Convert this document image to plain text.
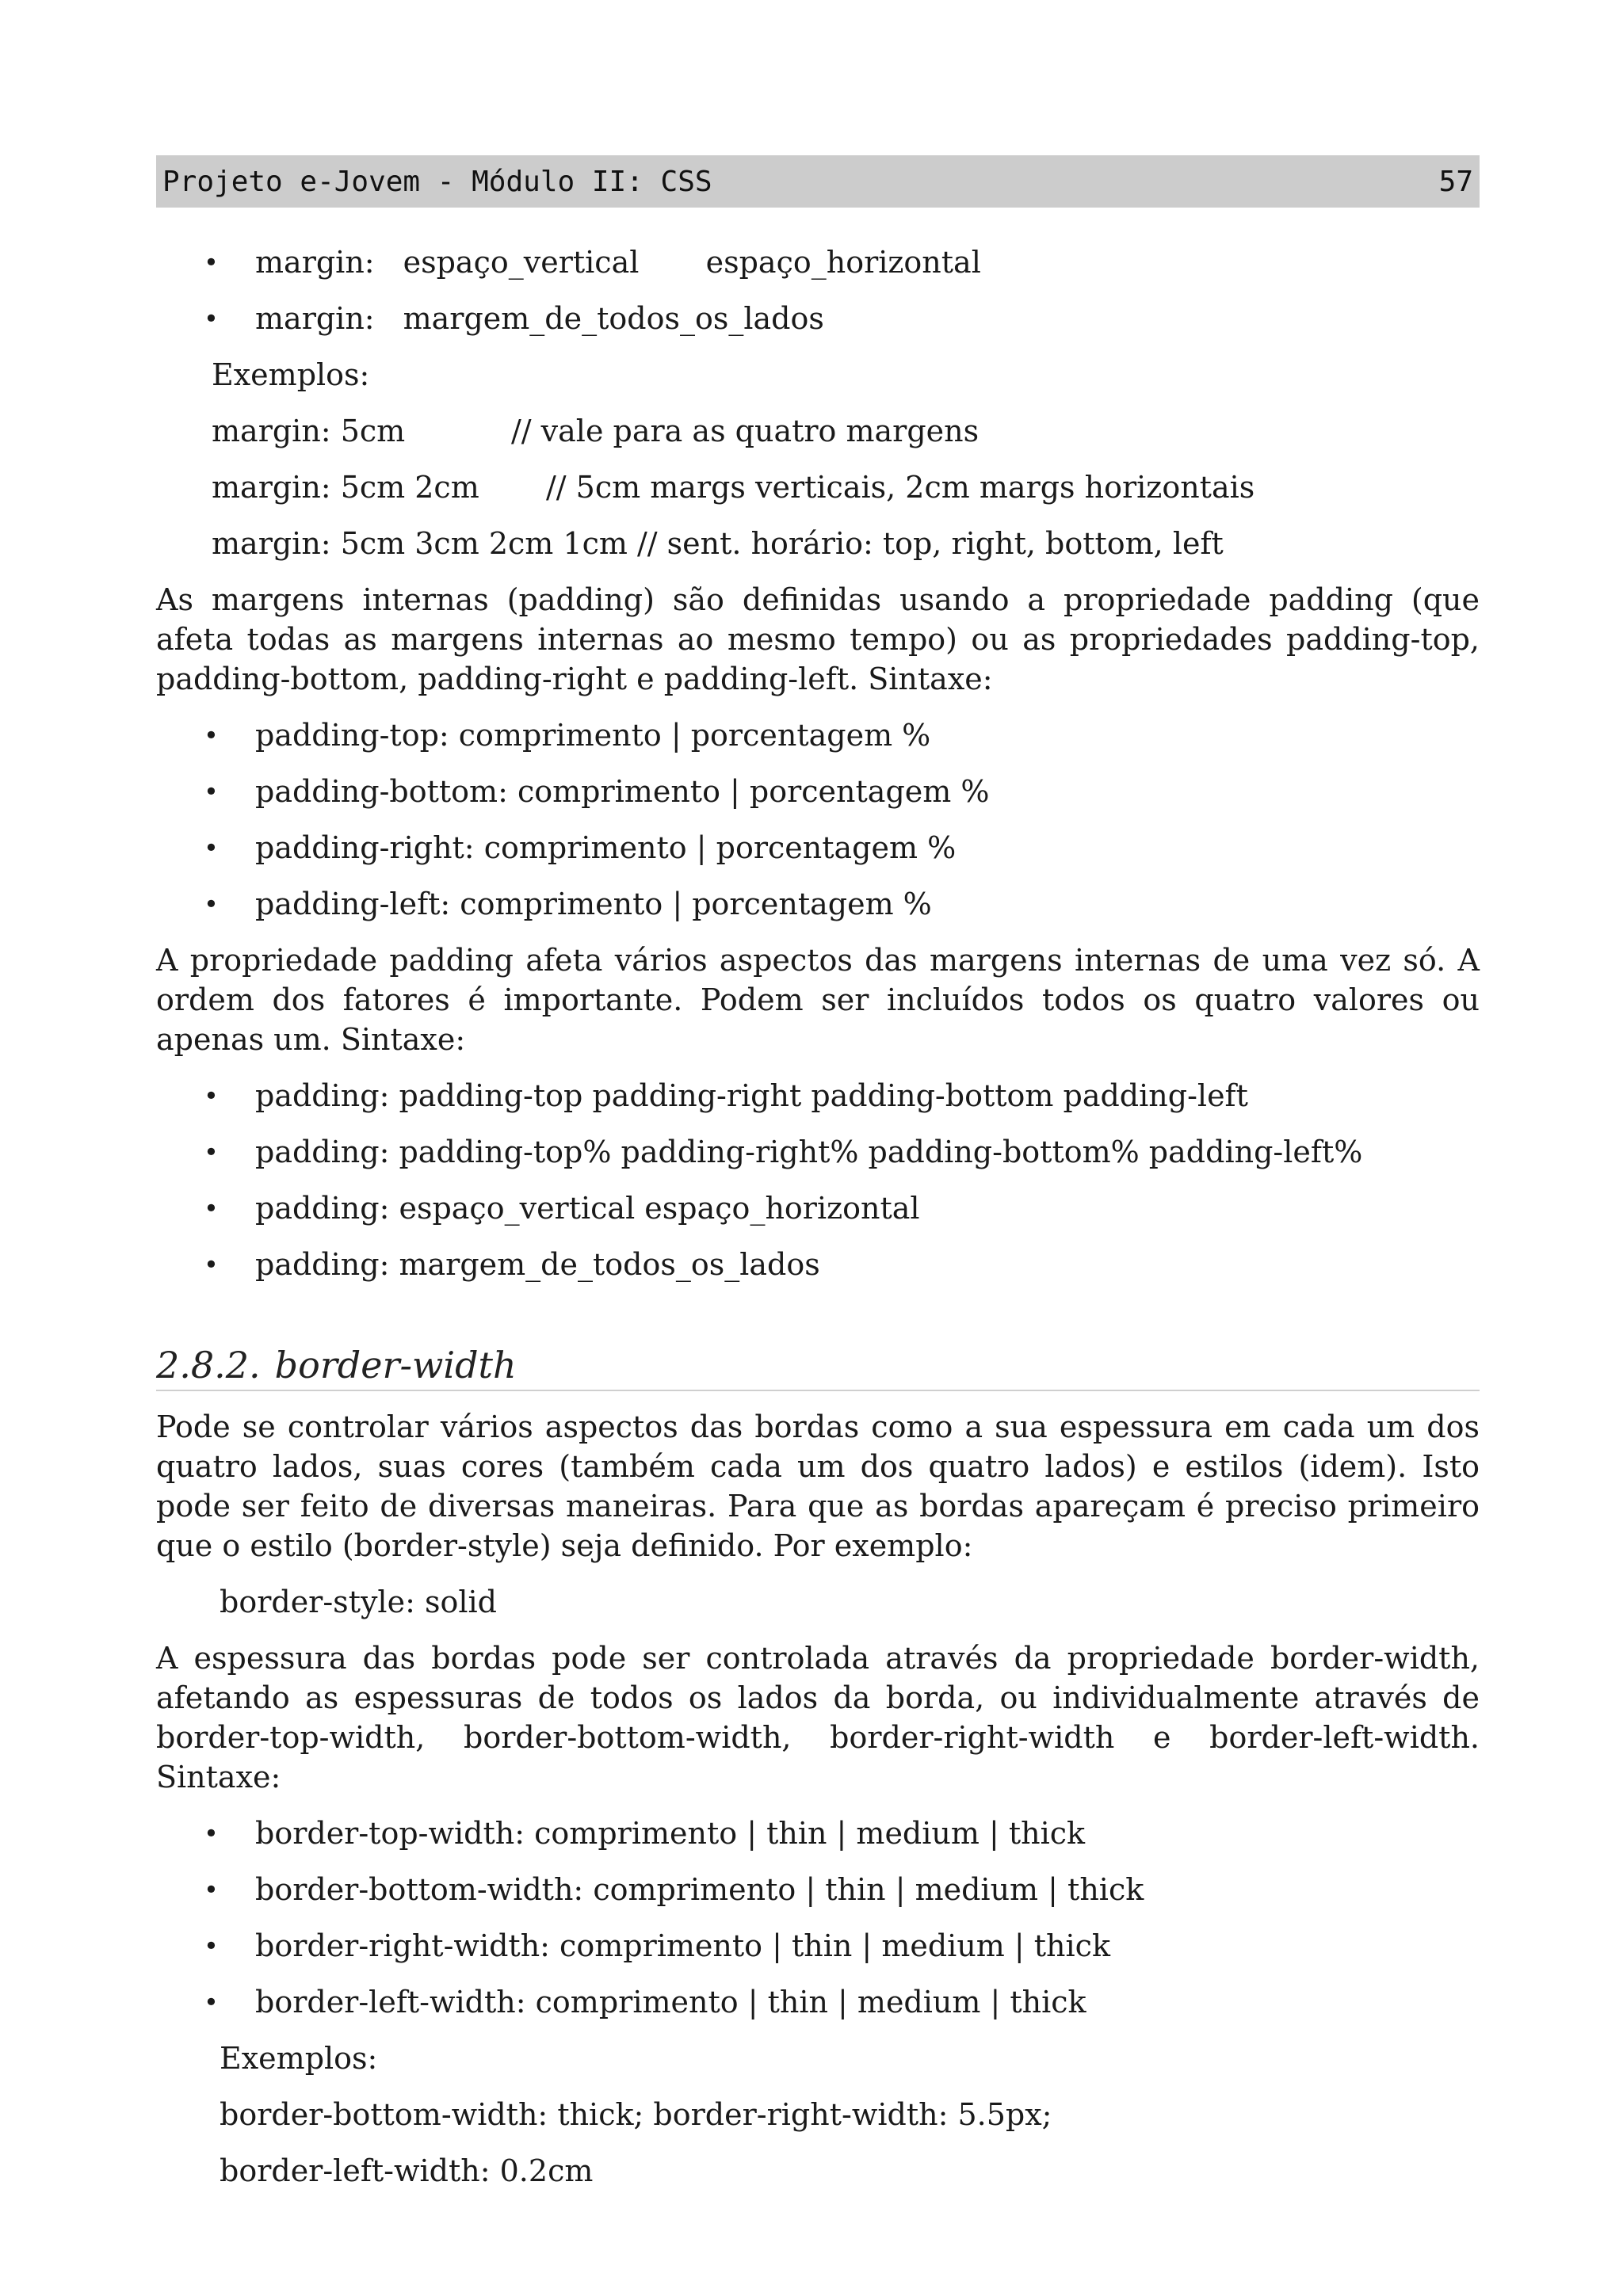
Projeto e-Jovem - Módulo II: CSS	57
• margin: espaço_vertical espaço_horizontal
• margin: margem_de_todos_os_lados
Exemplos:
margin: 5cm	// vale para as quatro margens
margin: 5cm 2cm // 5cm margs verticais, 2cm margs horizontais
margin: 5cm 3cm 2cm 1cm // sent. horário: top, right, bottom, left

As margens internas (padding) são definidas usando a propriedade padding (que afeta todas as margens internas ao mesmo tempo) ou as propriedades padding-top, padding-bottom, padding-right e padding-left. Sintaxe:

• padding-top: comprimento | porcentagem %
• padding-bottom: comprimento | porcentagem %
• padding-right: comprimento | porcentagem %
• padding-left: comprimento | porcentagem %

A propriedade padding afeta vários aspectos das margens internas de uma vez só. A ordem dos fatores é importante. Podem ser incluídos todos os quatro valores ou apenas um. Sintaxe:

• padding: padding-top padding-right padding-bottom padding-left
• padding: padding-top% padding-right% padding-bottom% padding-left%
• padding: espaço_vertical espaço_horizontal
• padding: margem_de_todos_os_lados
2.8.2. border-width

Pode se controlar vários aspectos das bordas como a sua espessura em cada um dos quatro lados, suas cores (também cada um dos quatro lados) e estilos (idem). Isto pode ser feito de diversas maneiras. Para que as bordas apareçam é preciso primeiro que o estilo (border-style) seja definido. Por exemplo:

border-style: solid

A espessura das bordas pode ser controlada através da propriedade border-width, afetando as espessuras de todos os lados da borda, ou individualmente através de border-top-width, border-bottom-width, border-right-width e border-left-width. Sintaxe:

• border-top-width: comprimento | thin | medium | thick
• border-bottom-width: comprimento | thin | medium | thick
• border-right-width: comprimento | thin | medium | thick
• border-left-width: comprimento | thin | medium | thick
Exemplos:
border-bottom-width: thick; border-right-width: 5.5px;
border-left-width: 0.2cm
